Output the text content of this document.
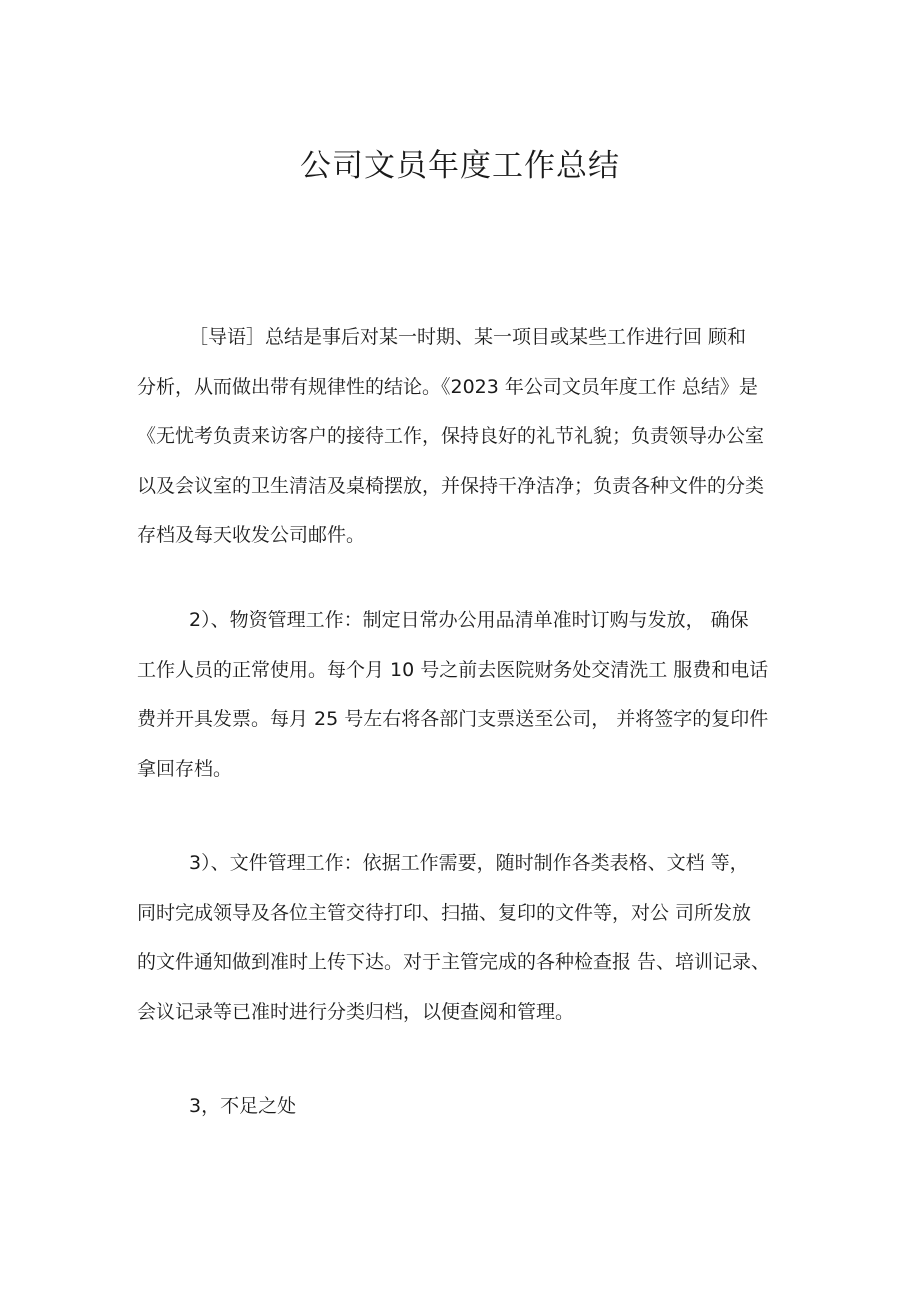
公司文员年度工作总结
［导语］总结是事后对某一时期、某一项目或某些工作进行回 顾和
分析，从而做出带有规律性的结论。《2023 年公司文员年度工作 总结》是
《无忧考负责来访客户的接待工作，保持良好的礼节礼貌；负责领导办公室
以及会议室的卫生清洁及桌椅摆放，并保持干净洁净；负责各种文件的分类
存档及每天收发公司邮件。
2）、物资管理工作：制定日常办公用品清单准时订购与发放， 确保
工作人员的正常使用。每个月 10 号之前去医院财务处交清洗工 服费和电话
费并开具发票。每月 25 号左右将各部门支票送至公司， 并将签字的复印件
拿回存档。
3）、文件管理工作：依据工作需要，随时制作各类表格、文档 等，
同时完成领导及各位主管交待打印、扫描、复印的文件等，对公 司所发放
的文件通知做到准时上传下达。对于主管完成的各种检查报 告、培训记录、
会议记录等已准时进行分类归档，以便查阅和管理。
3，不足之处
